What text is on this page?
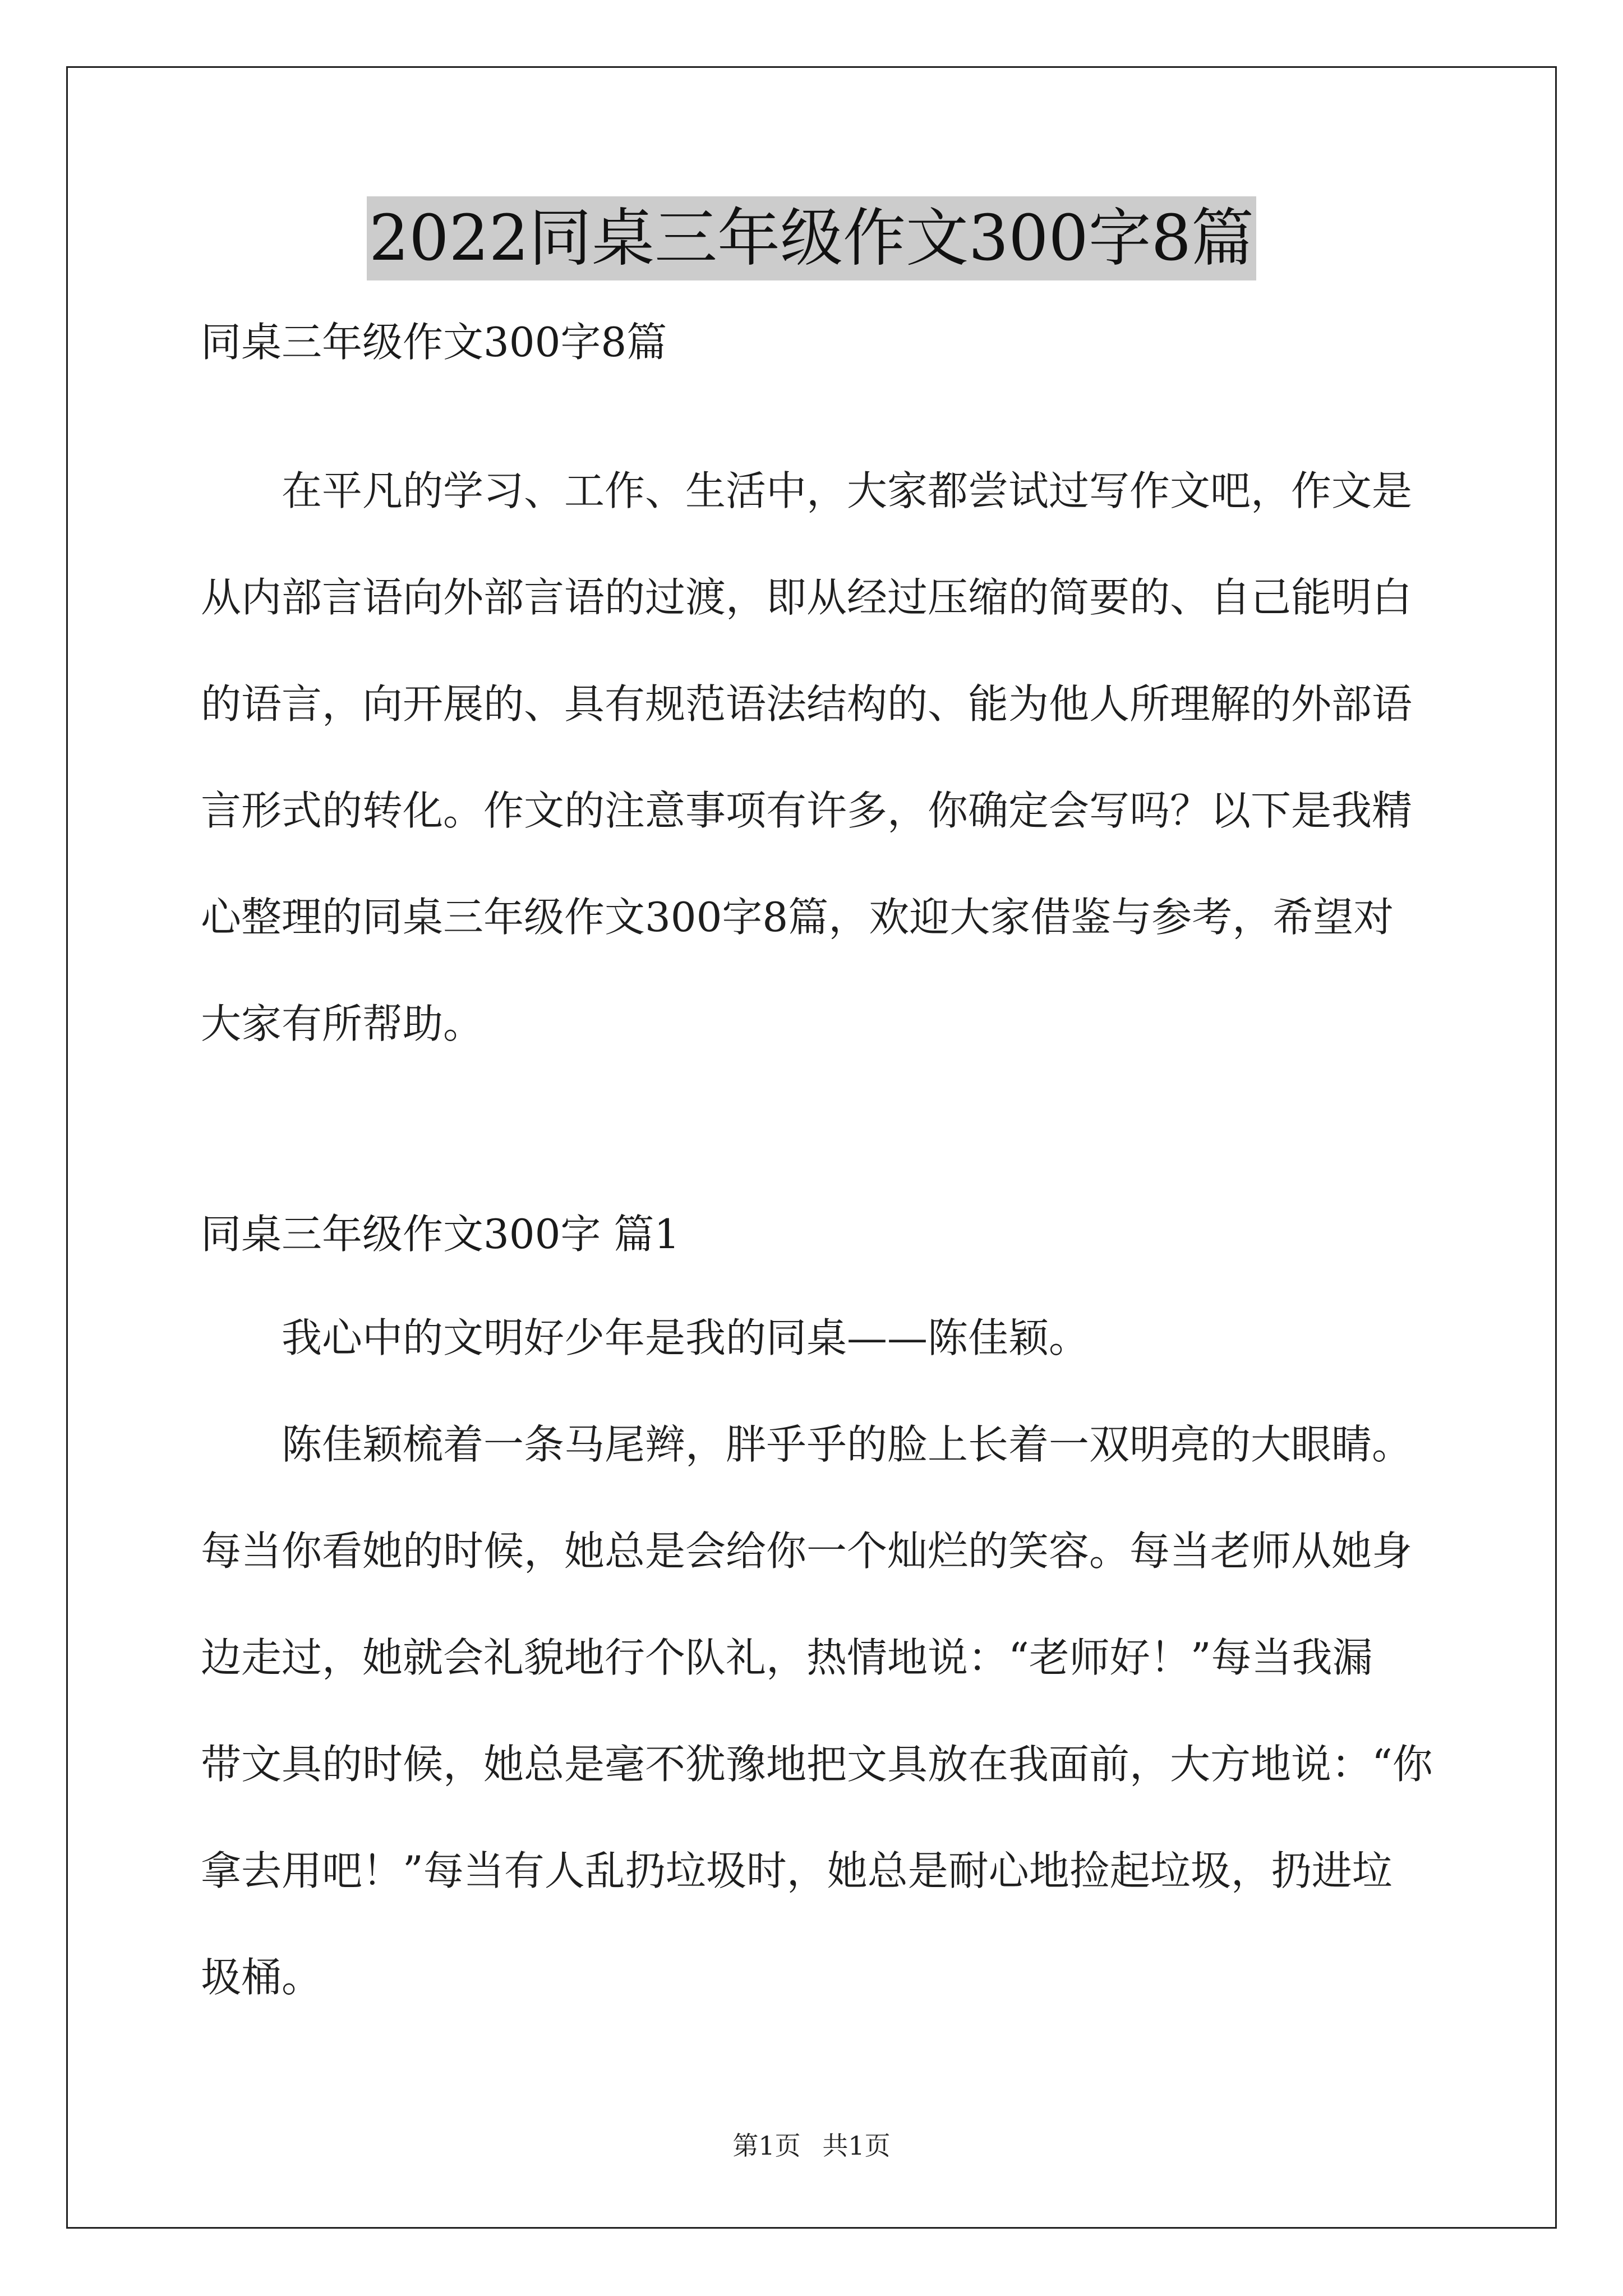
2022同桌三年级作文300字8篇
同桌三年级作文300字8篇
　　在平凡的学习、工作、生活中，大家都尝试过写作文吧，作文是
从内部言语向外部言语的过渡，即从经过压缩的简要的、自己能明白
的语言，向开展的、具有规范语法结构的、能为他人所理解的外部语
言形式的转化。作文的注意事项有许多，你确定会写吗？以下是我精
心整理的同桌三年级作文300字8篇，欢迎大家借鉴与参考，希望对
大家有所帮助。
同桌三年级作文300字 篇1
　　我心中的文明好少年是我的同桌——陈佳颖。
　　陈佳颖梳着一条马尾辫，胖乎乎的脸上长着一双明亮的大眼睛。
每当你看她的时候，她总是会给你一个灿烂的笑容。每当老师从她身
边走过，她就会礼貌地行个队礼，热情地说：“老师好！”每当我漏
带文具的时候，她总是毫不犹豫地把文具放在我面前，大方地说：“你
拿去用吧！”每当有人乱扔垃圾时，她总是耐心地捡起垃圾，扔进垃
圾桶。
第1页 共1页
